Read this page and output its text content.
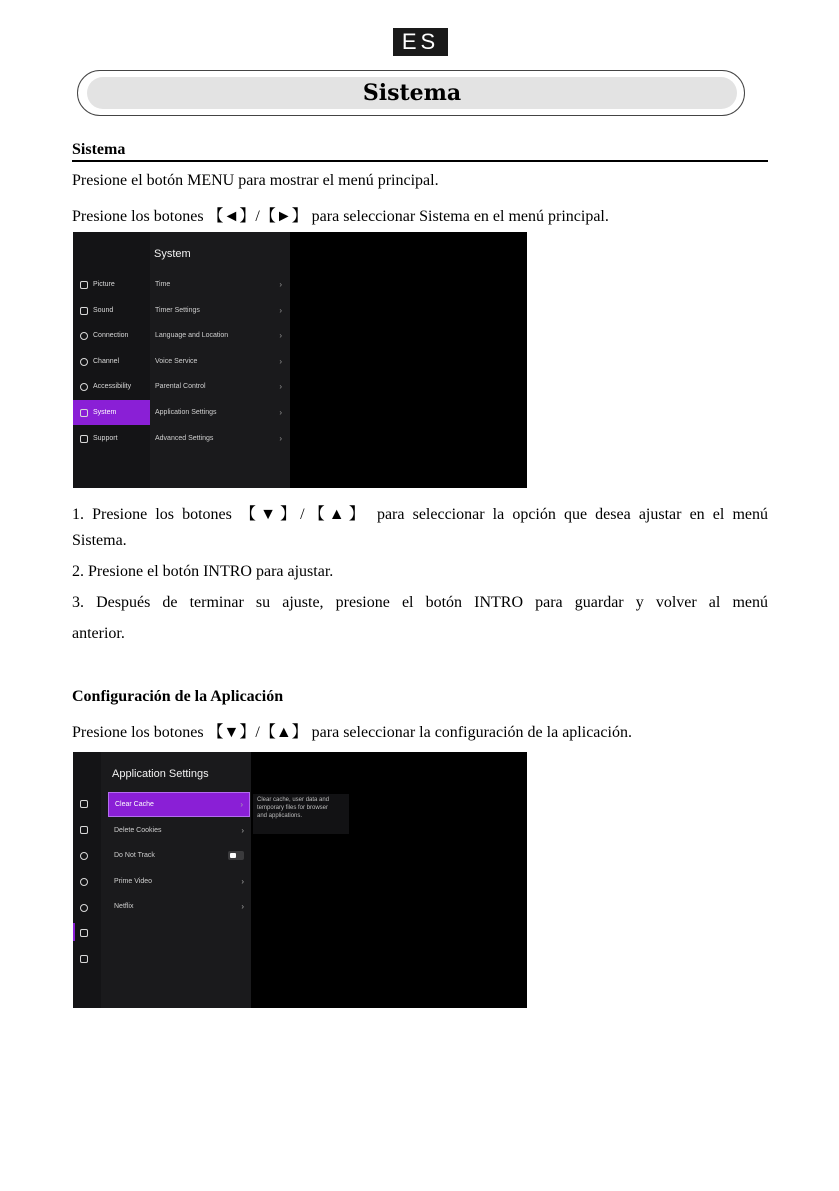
ES
Sistema
Sistema
Presione el botón MENU para mostrar el menú principal.
Presione los botones 【◄】/【►】 para seleccionar Sistema en el menú principal.
Picture
Sound
Connection
Channel
Accessibility
System
Support
System
Time	›
Timer Settings	›
Language and Location	›
Voice Service	›
Parental Control	›
Application Settings	›
Advanced Settings	›
1. Presione los botones 【▼】/【▲】 para seleccionar la opción que desea ajustar en el menú
Sistema.
2. Presione el botón INTRO para ajustar.
3. Después de terminar su ajuste, presione el botón INTRO para guardar y volver al menú
anterior.
Configuración de la Aplicación
Presione los botones 【▼】/【▲】 para seleccionar la configuración de la aplicación.
Application Settings
Clear Cache	›
Delete Cookies	›
Do Not Track
Prime Video	›
Netflix	›
Clear cache, user data and
temporary files for browser
and applications.
